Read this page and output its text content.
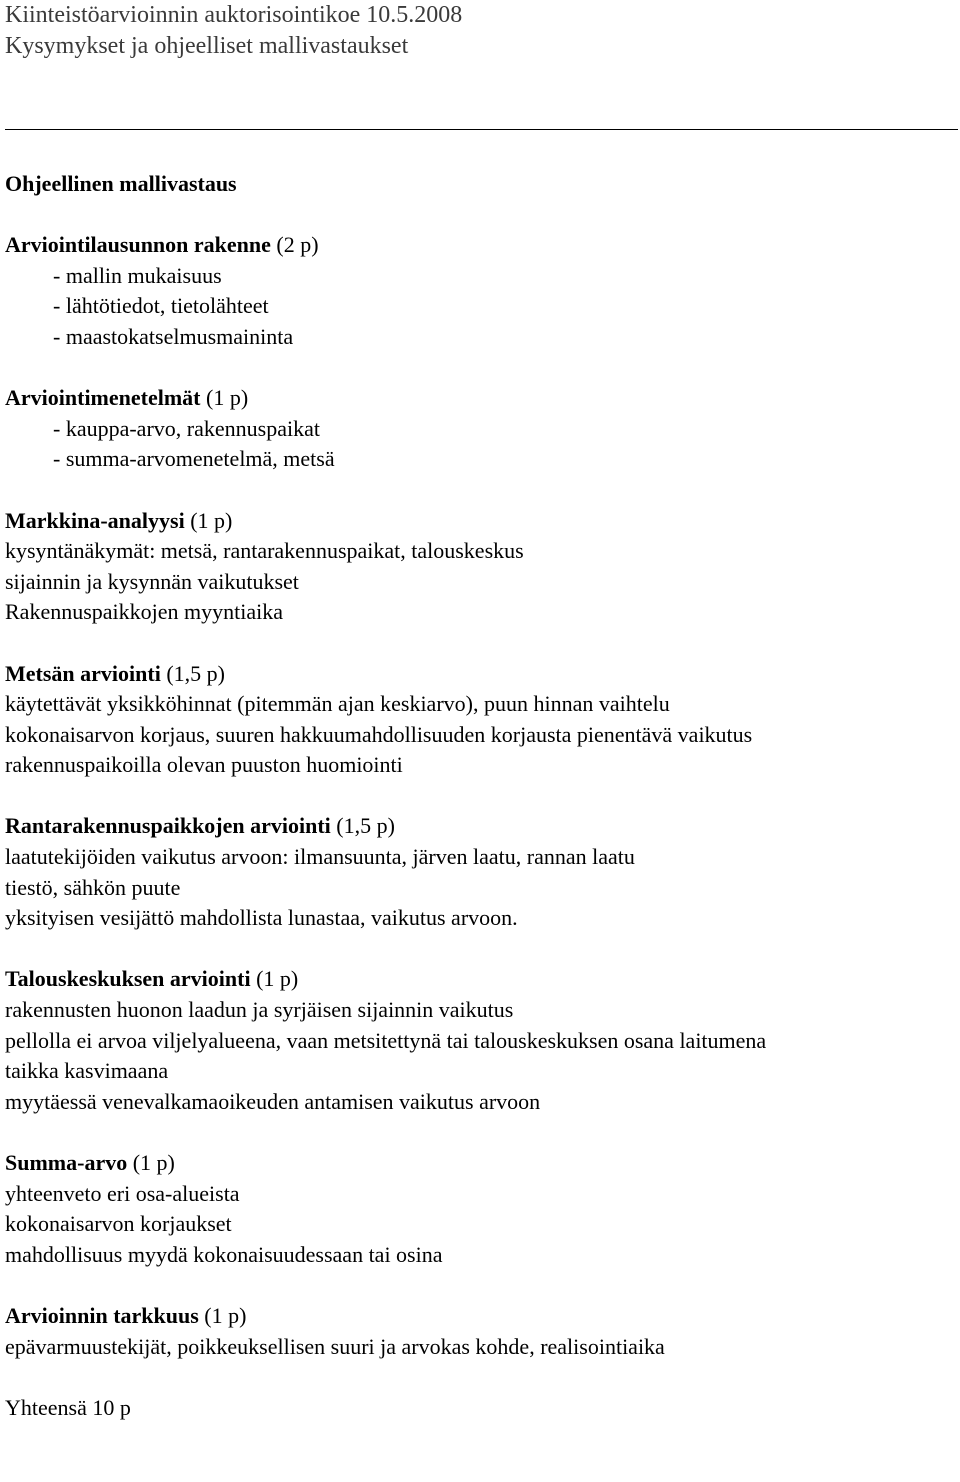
Kiinteistöarvioinnin auktorisointikoe 10.5.2008
Kysymykset ja ohjeelliset mallivastaukset
Ohjeellinen mallivastaus
Arviointilausunnon rakenne (2 p)
- mallin mukaisuus
- lähtötiedot, tietolähteet
- maastokatselmusmaininta
Arviointimenetelmät (1 p)
- kauppa-arvo, rakennuspaikat
- summa-arvomenetelmä, metsä
Markkina-analyysi (1 p)
kysyntänäkymät: metsä, rantarakennuspaikat, talouskeskus
sijainnin ja kysynnän vaikutukset
Rakennuspaikkojen myyntiaika
Metsän arviointi (1,5 p)
käytettävät yksikköhinnat (pitemmän ajan keskiarvo), puun hinnan vaihtelu
kokonaisarvon korjaus, suuren hakkuumahdollisuuden korjausta pienentävä vaikutus
rakennuspaikoilla olevan puuston huomiointi
Rantarakennuspaikkojen arviointi (1,5 p)
laatutekijöiden vaikutus arvoon: ilmansuunta, järven laatu, rannan laatu
tiestö, sähkön puute
yksityisen vesijättö mahdollista lunastaa, vaikutus arvoon.
Talouskeskuksen arviointi (1 p)
rakennusten huonon laadun ja syrjäisen sijainnin vaikutus
pellolla ei arvoa viljelyalueena, vaan metsitettynä tai talouskeskuksen osana laitumena
taikka kasvimaana
myytäessä venevalkamaoikeuden antamisen vaikutus arvoon
Summa-arvo (1 p)
yhteenveto eri osa-alueista
kokonaisarvon korjaukset
mahdollisuus myydä kokonaisuudessaan tai osina
Arvioinnin tarkkuus (1 p)
epävarmuustekijät, poikkeuksellisen suuri ja arvokas kohde, realisointiaika
Yhteensä 10 p
